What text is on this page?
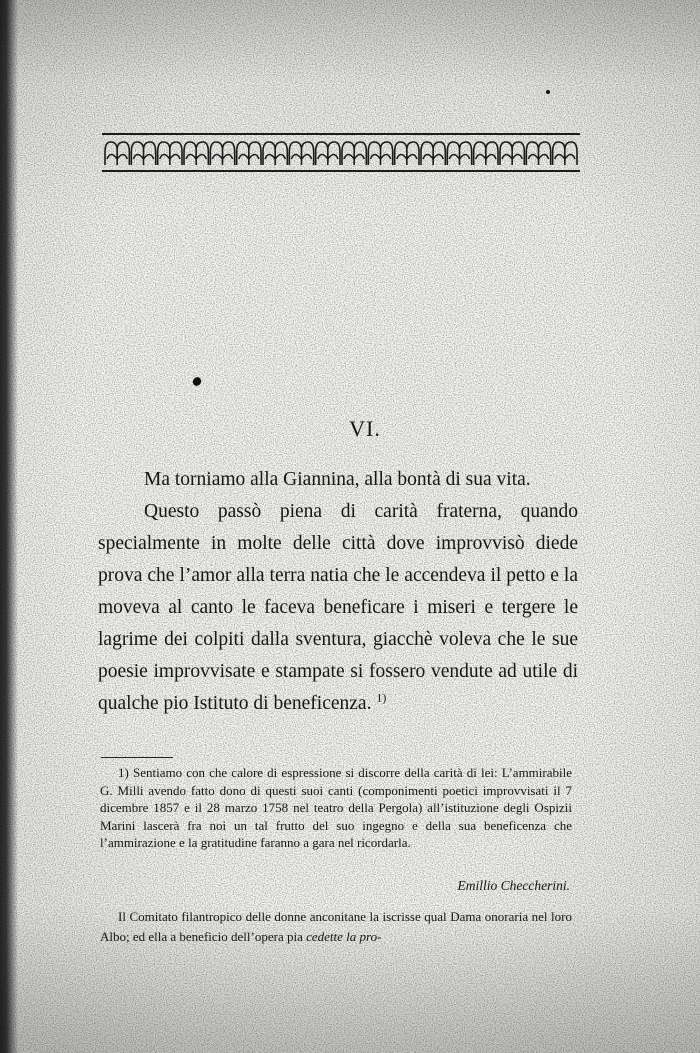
VI.

Ma torniamo alla Giannina, alla bontà di sua vita.

Questo passò piena di carità fraterna, quando specialmente in molte delle città dove improvvisò diede prova che l’amor alla terra natia che le accendeva il petto e la moveva al canto le faceva beneficare i miseri e tergere le lagrime dei colpiti dalla sventura, giacchè voleva che le sue poesie improvvisate e stampate si fossero vendute ad utile di qualche pio Istituto di beneficenza. $^{1)}$

1) Sentiamo con che calore di espressione si discorre della carità di lei: L’ammirabile G. Milli avendo fatto dono di questi suoi canti (componimenti poetici improvvisati il 7 dicembre 1857 e il 28 marzo 1758 nel teatro della Pergola) all’istituzione degli Ospizii Marini lascerà fra noi un tal frutto del suo ingegno e della sua beneficenza che l’ammirazione e la gratitudine faranno a gara nel ricordarla.

Emillio Checcherini.

Il Comitato filantropico delle donne anconitane la iscrisse qual Dama onoraria nel loro Albo; ed ella a beneficio dell’opera pia cedette la pro-
